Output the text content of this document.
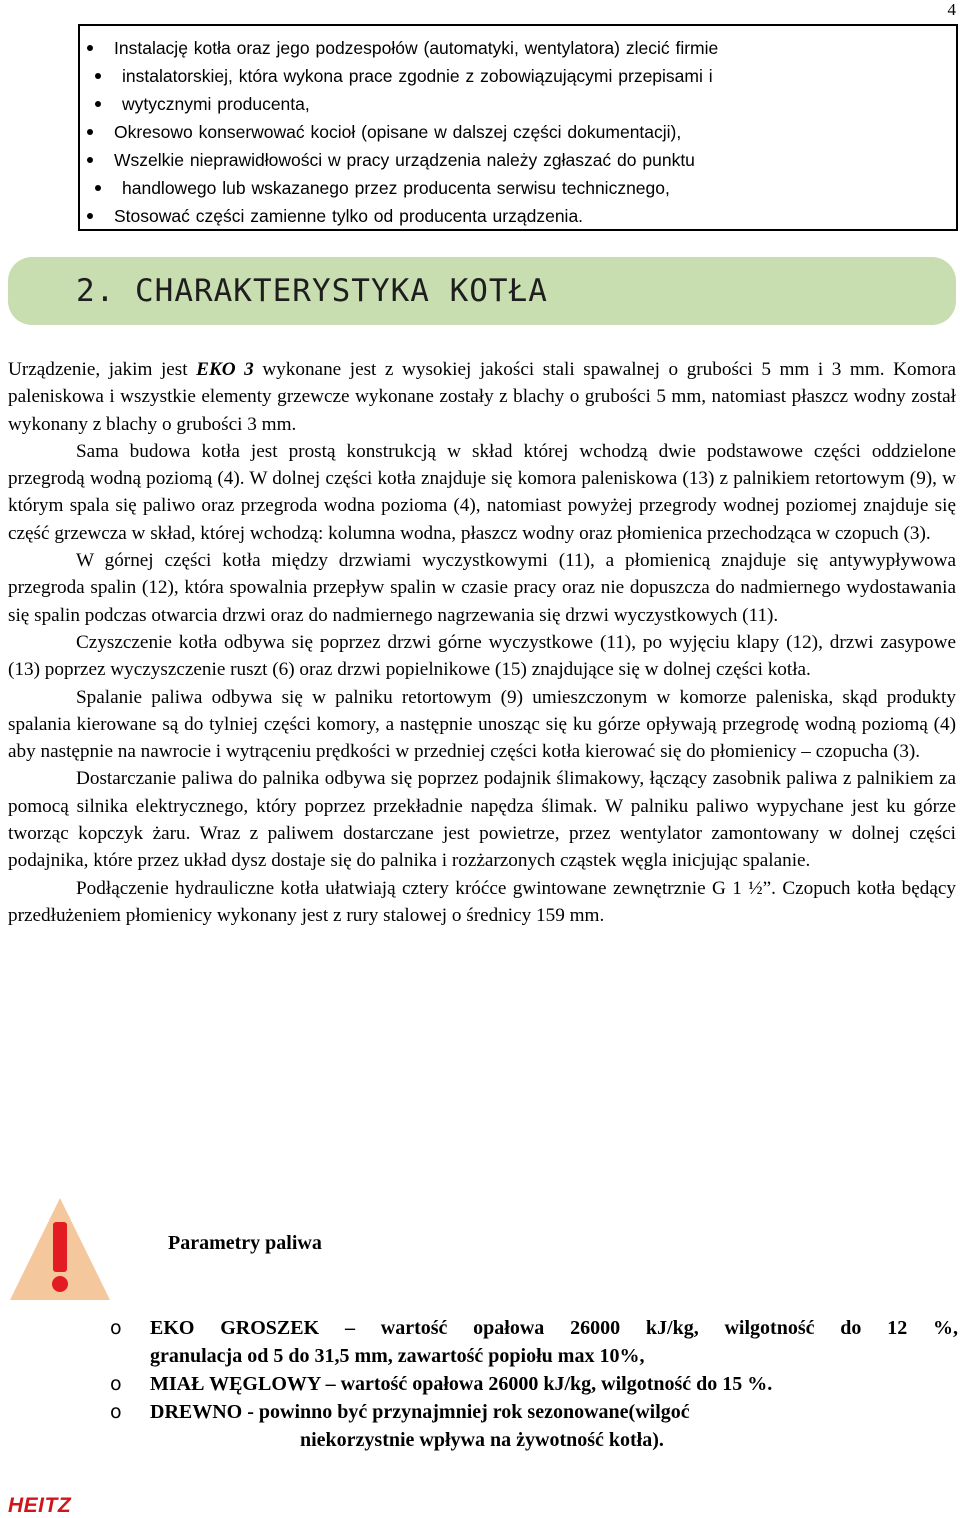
4
Instalację kotła oraz jego podzespołów (automatyki, wentylatora) zlecić firmie
instalatorskiej, która wykona prace zgodnie z zobowiązującymi przepisami i
wytycznymi producenta,
Okresowo konserwować kocioł (opisane w dalszej części dokumentacji),
Wszelkie nieprawidłowości w pracy urządzenia należy zgłaszać do punktu
handlowego lub wskazanego przez producenta serwisu technicznego,
Stosować części zamienne tylko od producenta urządzenia.
2. CHARAKTERYSTYKA KOTŁA

Urządzenie, jakim jest EKO 3 wykonane jest z wysokiej jakości stali spawalnej o grubości 5 mm i 3 mm. Komora paleniskowa i wszystkie elementy grzewcze wykonane zostały z blachy o grubości 5 mm, natomiast płaszcz wodny został wykonany z blachy o grubości 3 mm.

Sama budowa kotła jest prostą konstrukcją w skład której wchodzą dwie podstawowe części oddzielone przegrodą wodną poziomą (4). W dolnej części kotła znajduje się komora paleniskowa (13) z palnikiem retortowym (9), w którym spala się paliwo oraz przegroda wodna pozioma (4), natomiast powyżej przegrody wodnej poziomej znajduje się część grzewcza w skład, której wchodzą: kolumna wodna, płaszcz wodny oraz płomienica przechodząca w czopuch (3).

W górnej części kotła między drzwiami wyczystkowymi (11), a płomienicą znajduje się antywypływowa przegroda spalin (12), która spowalnia przepływ spalin w czasie pracy oraz nie dopuszcza do nadmiernego wydostawania się spalin podczas otwarcia drzwi oraz do nadmiernego nagrzewania się drzwi wyczystkowych (11).

Czyszczenie kotła odbywa się poprzez drzwi górne wyczystkowe (11), po wyjęciu klapy (12), drzwi zasypowe (13) poprzez wyczyszczenie ruszt (6) oraz drzwi popielnikowe (15) znajdujące się w dolnej części kotła.

Spalanie paliwa odbywa się w palniku retortowym (9) umieszczonym w komorze paleniska, skąd produkty spalania kierowane są do tylniej części komory, a następnie unosząc się ku górze opływają przegrodę wodną poziomą (4) aby następnie na nawrocie i wytrąceniu prędkości w przedniej części kotła kierować się do płomienicy – czopucha (3).

Dostarczanie paliwa do palnika odbywa się poprzez podajnik ślimakowy, łączący zasobnik paliwa z palnikiem za pomocą silnika elektrycznego, który poprzez przekładnie napędza ślimak. W palniku paliwo wypychane jest ku górze tworząc kopczyk żaru. Wraz z paliwem dostarczane jest powietrze, przez wentylator zamontowany w dolnej części podajnika, które przez układ dysz dostaje się do palnika i rozżarzonych cząstek węgla inicjując spalanie.

Podłączenie hydrauliczne kotła ułatwiają cztery króćce gwintowane zewnętrznie G 1 ½”. Czopuch kotła będący przedłużeniem płomienicy wykonany jest z rury stalowej o średnicy 159 mm.

Parametry paliwa
o EKO GROSZEK – wartość opałowa 26000 kJ/kg, wilgotność do 12 %,
granulacja od 5 do 31,5 mm, zawartość popiołu max 10%,
o MIAŁ WĘGLOWY – wartość opałowa 26000 kJ/kg, wilgotność do 15 %.
o DREWNO - powinno być przynajmniej rok sezonowane(wilgoć
niekorzystnie wpływa na żywotność kotła).
HEITZ
